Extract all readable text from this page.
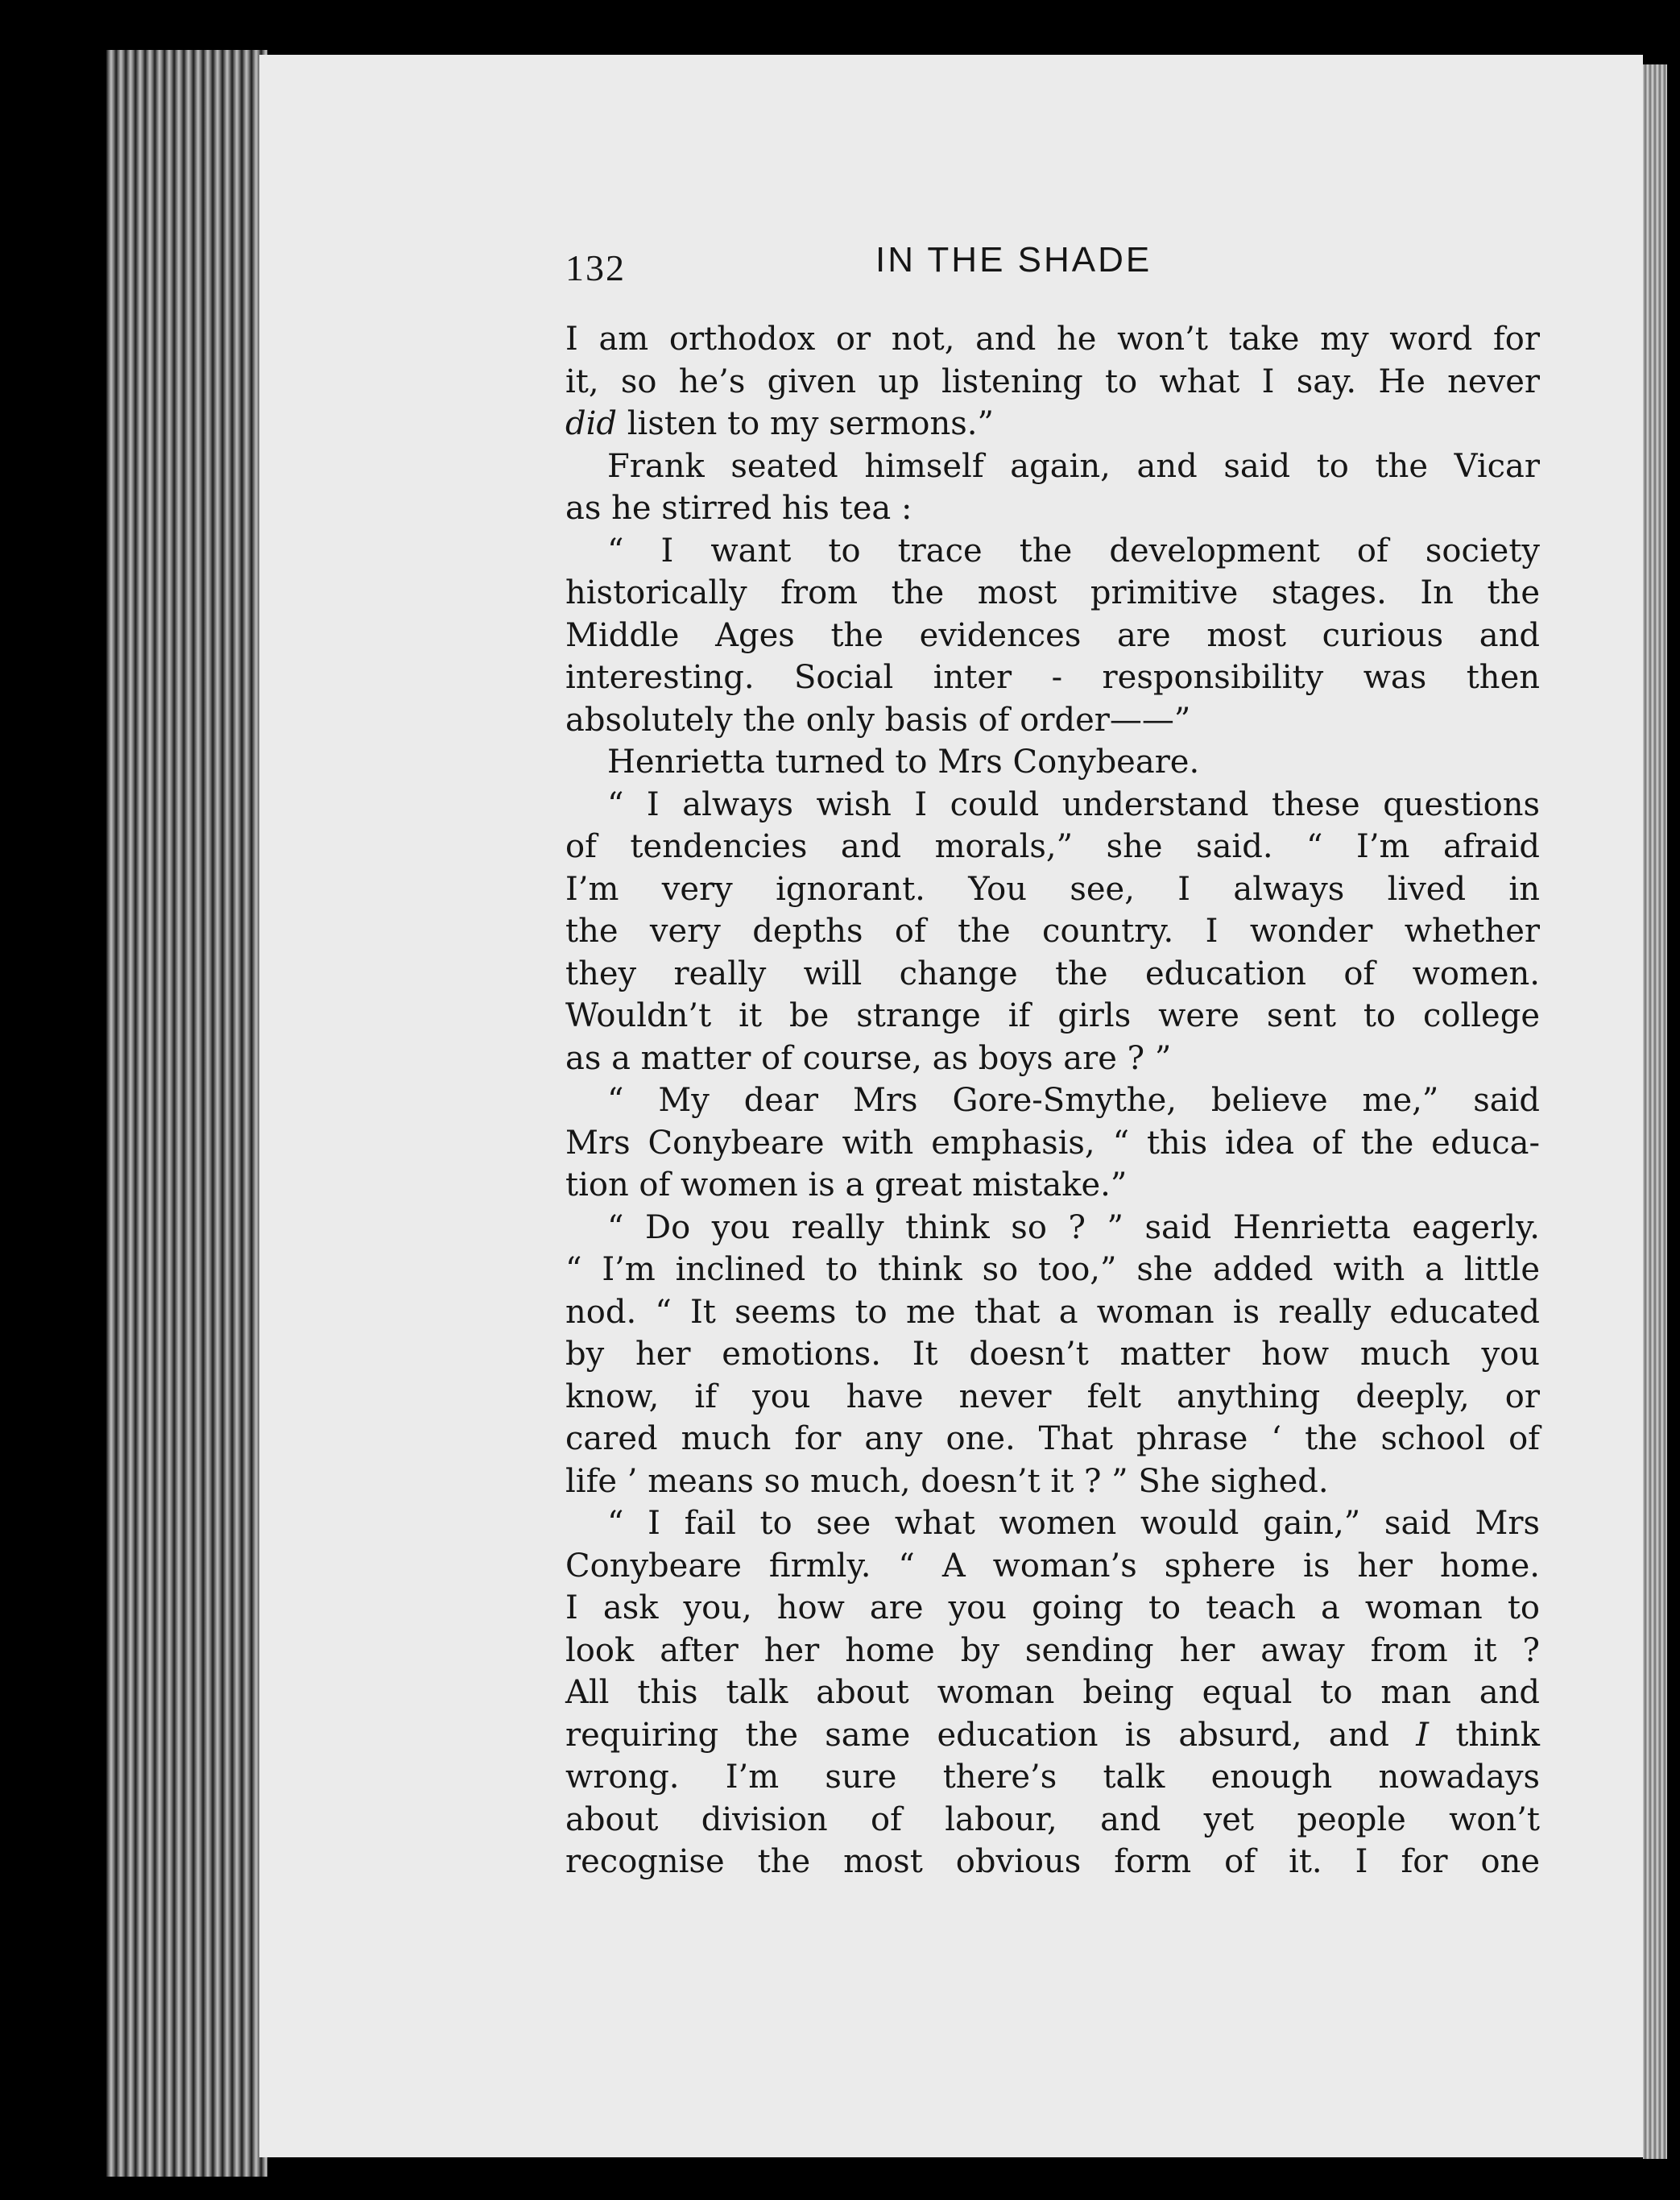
132	IN THE SHADE
I am orthodox or not, and he won’t take my word for
it, so he’s given up listening to what I say. He never
did listen to my sermons.”
Frank seated himself again, and said to the Vicar
as he stirred his tea :
“ I want to trace the development of society
historically from the most primitive stages. In the
Middle Ages the evidences are most curious and
interesting. Social inter - responsibility was then
absolutely the only basis of order——”
Henrietta turned to Mrs Conybeare.
“ I always wish I could understand these questions
of tendencies and morals,” she said. “ I’m afraid
I’m very ignorant. You see, I always lived in
the very depths of the country. I wonder whether
they really will change the education of women.
Wouldn’t it be strange if girls were sent to college
as a matter of course, as boys are ? ”
“ My dear Mrs Gore-Smythe, believe me,” said
Mrs Conybeare with emphasis, “ this idea of the educa-
tion of women is a great mistake.”
“ Do you really think so ? ” said Henrietta eagerly.
“ I’m inclined to think so too,” she added with a little
nod. “ It seems to me that a woman is really educated
by her emotions. It doesn’t matter how much you
know, if you have never felt anything deeply, or
cared much for any one. That phrase ‘ the school of
life ’ means so much, doesn’t it ? ” She sighed.
“ I fail to see what women would gain,” said Mrs
Conybeare firmly. “ A woman’s sphere is her home.
I ask you, how are you going to teach a woman to
look after her home by sending her away from it ?
All this talk about woman being equal to man and
requiring the same education is absurd, and I think
wrong. I’m sure there’s talk enough nowadays
about division of labour, and yet people won’t
recognise the most obvious form of it. I for one
